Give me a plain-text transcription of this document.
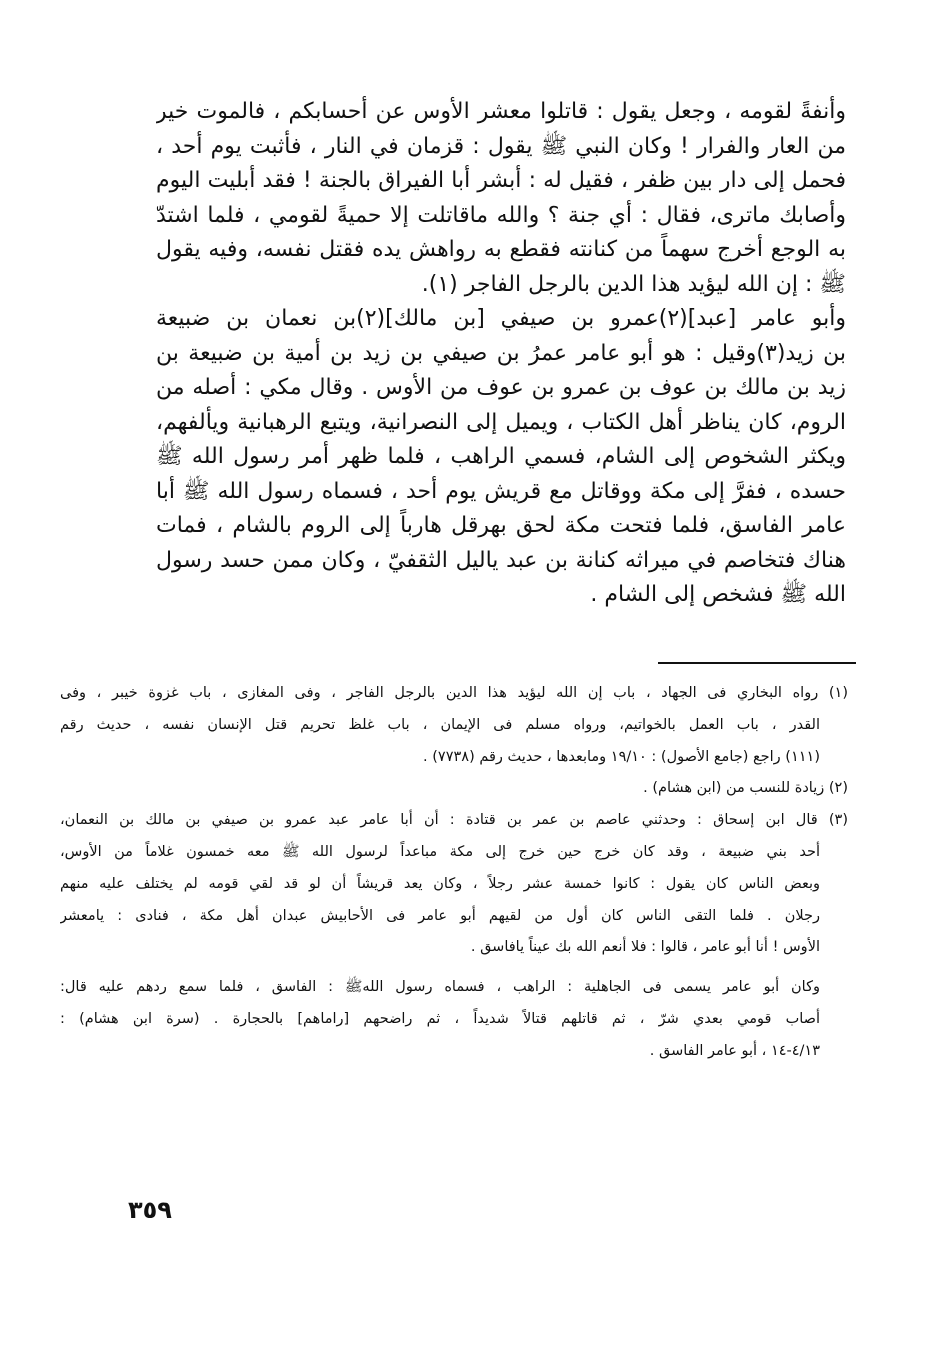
وأنفةً لقومه ، وجعل يقول : قاتلوا معشر الأوس عن أحسابكم ، فالموت خير
من العار والفرار ! وكان النبي ﷺ يقول : قزمان في النار ، فأثبت يوم أحد ،
فحمل إلى دار بين ظفر ، فقيل له : أبشر أبا الفيراق بالجنة ! فقد أبليت اليوم
وأصابك ماترى، فقال : أي جنة ؟ والله ماقاتلت إلا حميةً لقومي ، فلما اشتدّ
به الوجع أخرج سهماً من كنانته فقطع به رواهش يده فقتل نفسه، وفيه يقول
ﷺ : إن الله ليؤيد هذا الدين بالرجل الفاجر (١).
وأبو عامر [عبد](٢)عمرو بن صيفي [بن مالك](٢)بن نعمان بن ضبيعة
بن زيد(٣)وقيل : هو أبو عامر عمرُ بن صيفي بن زيد بن أمية بن ضبيعة بن
زيد بن مالك بن عوف بن عمرو بن عوف من الأوس . وقال مكي : أصله من
الروم، كان يناظر أهل الكتاب ، ويميل إلى النصرانية، ويتبع الرهبانية ويألفهم،
ويكثر الشخوص إلى الشام، فسمي الراهب ، فلما ظهر أمر رسول الله ﷺ
حسده ، ففرَّ إلى مكة ووقاتل مع قريش يوم أحد ، فسماه رسول الله ﷺ أبا
عامر الفاسق، فلما فتحت مكة لحق بهرقل هارباً إلى الروم بالشام ، فمات
هناك فتخاصم في ميراثه كنانة بن عبد ياليل الثقفيّ ، وكان ممن حسد رسول
الله ﷺ فشخص إلى الشام .
(١) رواه البخاري فى الجهاد ، باب إن الله ليؤيد هذا الدين بالرجل الفاجر ، وفى المغازى ، باب غزوة خيبر ، وفى
القدر ، باب العمل بالخواتيم، ورواه مسلم فى الإيمان ، باب غلظ تحريم قتل الإنسان نفسه ، حديث رقم
(١١١) راجع (جامع الأصول) : ١٩/١٠ ومابعدها ، حديث رقم (٧٧٣٨) .
(٢) زيادة للنسب من (ابن هشام) .
(٣) قال ابن إسحاق : وحدثني عاصم بن عمر بن قتادة : أن أبا عامر عبد عمرو بن صيفي بن مالك بن النعمان،
أحد بني ضبيعة ، وقد كان خرج حين خرج إلى مكة مباعداً لرسول الله ﷺ معه خمسون غلاماً من الأوس،
وبعض الناس كان يقول : كانوا خمسة عشر رجلاً ، وكان يعد قريشاً أن لو قد لقي قومه لم يختلف عليه منهم
رجلان . فلما التقى الناس كان أول من لقيهم أبو عامر فى الأحابيش عبدان أهل مكة ، فنادى : يامعشر
الأوس ! أنا أبو عامر ، قالوا : فلا أنعم الله بك عيناً يافاسق .
وكان أبو عامر يسمى فى الجاهلية : الراهب ، فسماه رسول اللهﷺ : الفاسق ، فلما سمع ردهم عليه قال:
أصاب قومي بعدي شرّ ، ثم قاتلهم قتالاً شديداً ، ثم راضحهم [راماهم] بالحجارة . (سرة ابن هشام) :
٤/١٣-١٤ ، أبو عامر الفاسق .
٣٥٩
